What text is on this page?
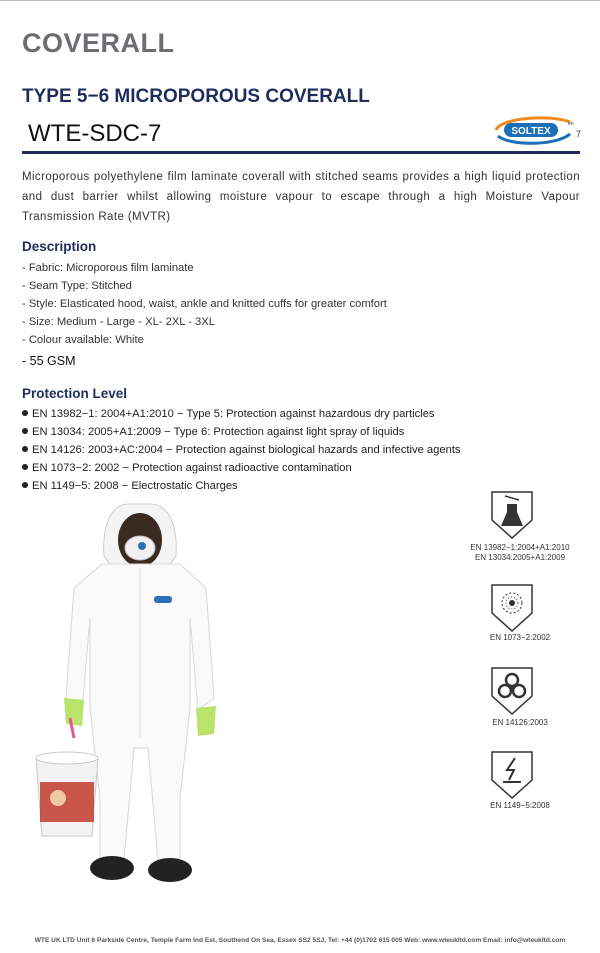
COVERALL
TYPE 5−6 MICROPOROUS COVERALL
WTE-SDC-7	SOLTEX
en
7
Microporous polyethylene film laminate coverall with stitched seams provides a high liquid protection and dust barrier whilst allowing moisture vapour to escape through a high Moisture Vapour Transmission Rate (MVTR)
Description
- Fabric: Microporous film laminate
- Seam Type: Stitched
- Style: Elasticated hood, waist, ankle and knitted cuffs for greater comfort
- Size: Medium - Large - XL- 2XL - 3XL
- Colour available: White
- 55 GSM
Protection Level
EN 13982−1: 2004+A1:2010 − Type 5: Protection against hazardous dry particles
EN 13034: 2005+A1:2009 − Type 6: Protection against light spray of liquids
EN 14126: 2003+AC:2004 − Protection against biological hazards and infective agents
EN 1073−2: 2002 − Protection against radioactive contamination
EN 1149−5: 2008 − Electrostatic Charges
EN 13982−1:2004+A1:2010
EN 13034:2005+A1:2009
EN 1073−2:2002
EN 14126:2003
EN 1149−5:2008
WTE UK LTD Unit 6 Parkside Centre, Temple Farm Ind Est, Southend On Sea, Essex SS2 5SJ, Tel: +44 (0)1702 615 005 Web: www.wteukltd.com Email: info@wteukltd.com
